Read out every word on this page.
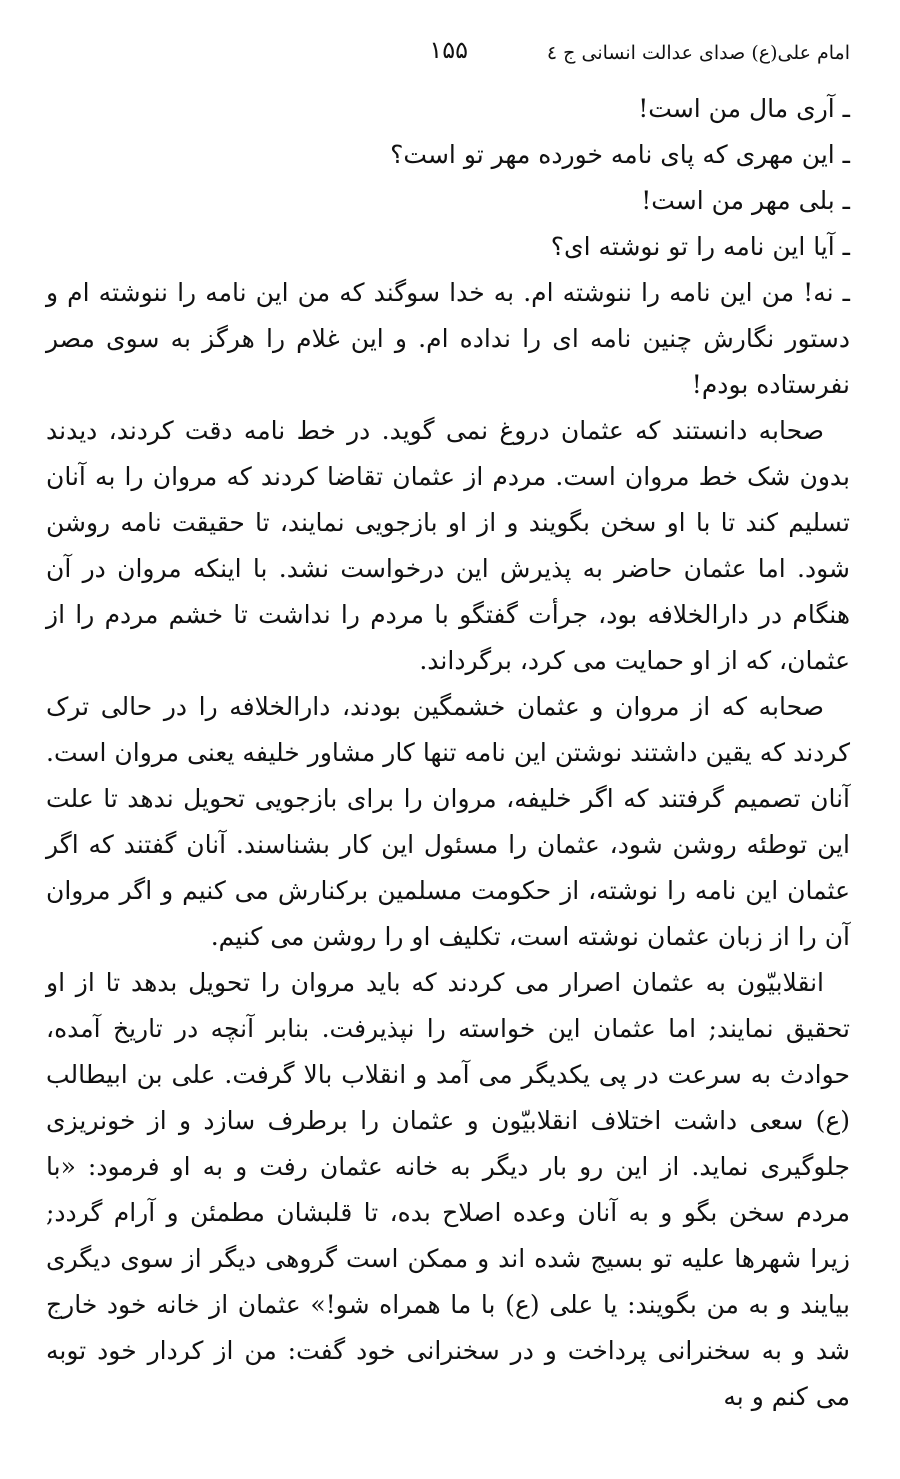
امام علی(ع) صدای عدالت انسانی ج ٤
۱۵۵

ـ آری مال من است!

ـ این مهری که پای نامه خورده مهر تو است؟

ـ بلی مهر من است!

ـ آیا این نامه را تو نوشته ای؟

ـ نه! من این نامه را ننوشته ام. به خدا سوگند که من این نامه را ننوشته ام و دستور نگارش چنین نامه ای را نداده ام. و این غلام را هرگز به سوی مصر نفرستاده بودم!

صحابه دانستند که عثمان دروغ نمی گوید. در خط نامه دقت کردند، دیدند بدون شک خط مروان است. مردم از عثمان تقاضا کردند که مروان را به آنان تسلیم کند تا با او سخن بگویند و از او بازجویی نمایند، تا حقیقت نامه روشن شود. اما عثمان حاضر به پذیرش این درخواست نشد. با اینکه مروان در آن هنگام در دارالخلافه بود، جرأت گفتگو با مردم را نداشت تا خشم مردم را از عثمان، که از او حمایت می کرد، برگرداند.

صحابه که از مروان و عثمان خشمگین بودند، دارالخلافه را در حالی ترک کردند که یقین داشتند نوشتن این نامه تنها کار مشاور خلیفه یعنی مروان است. آنان تصمیم گرفتند که اگر خلیفه، مروان را برای بازجویی تحویل ندهد تا علت این توطئه روشن شود، عثمان را مسئول این کار بشناسند. آنان گفتند که اگر عثمان این نامه را نوشته، از حکومت مسلمین برکنارش می کنیم و اگر مروان آن را از زبان عثمان نوشته است، تکلیف او را روشن می کنیم.

انقلابیّون به عثمان اصرار می کردند که باید مروان را تحویل بدهد تا از او تحقیق نمایند; اما عثمان این خواسته را نپذیرفت. بنابر آنچه در تاریخ آمده، حوادث به سرعت در پی یکدیگر می آمد و انقلاب بالا گرفت. علی بن ابیطالب (ع) سعی داشت اختلاف انقلابیّون و عثمان را برطرف سازد و از خونریزی جلوگیری نماید. از این رو بار دیگر به خانه عثمان رفت و به او فرمود: «با مردم سخن بگو و به آنان وعده اصلاح بده، تا قلبشان مطمئن و آرام گردد; زیرا شهرها علیه تو بسیج شده اند و ممکن است گروهی دیگر از سوی دیگری بیایند و به من بگویند: یا علی (ع) با ما همراه شو!» عثمان از خانه خود خارج شد و به سخنرانی پرداخت و در سخنرانی خود گفت: من از کردار خود توبه می کنم و به
